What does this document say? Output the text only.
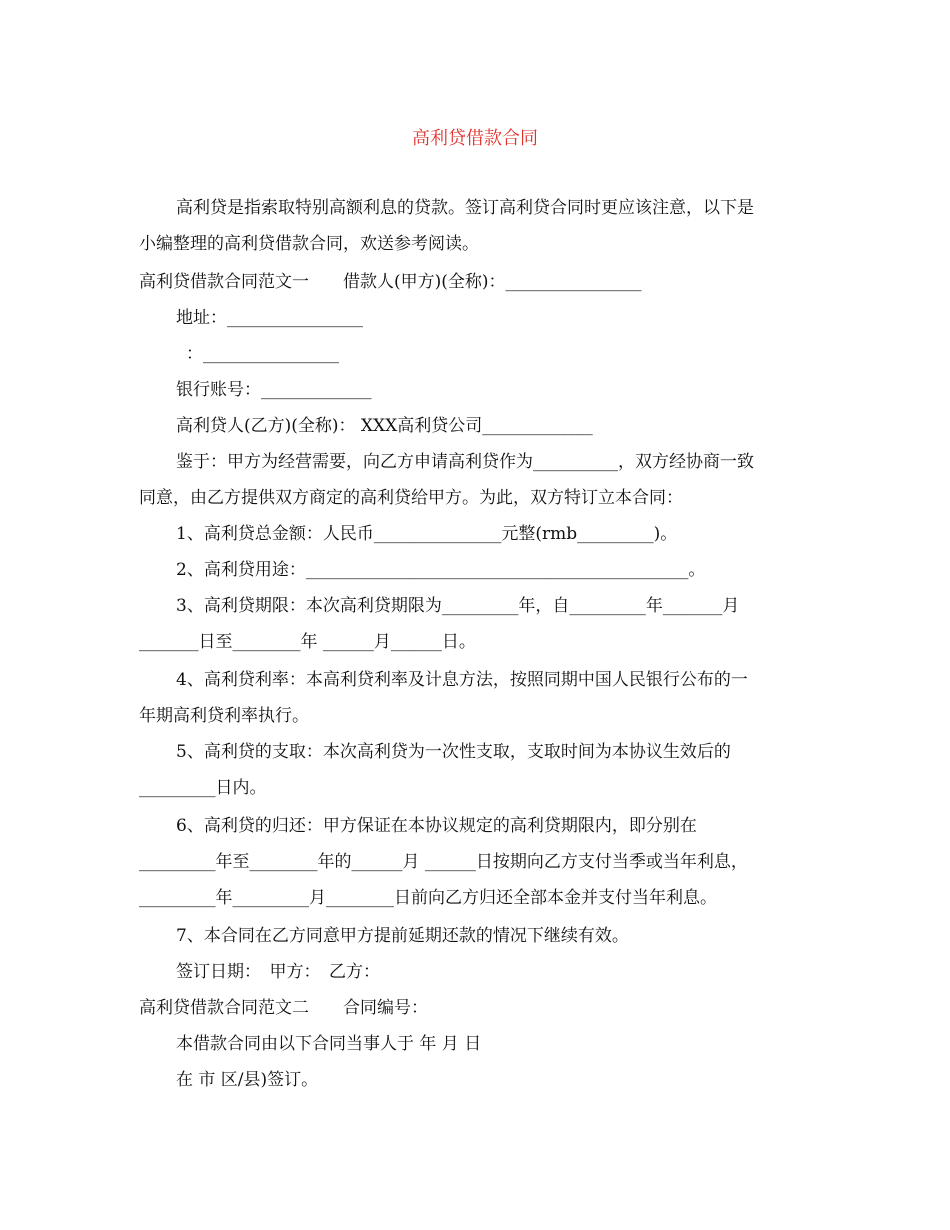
高利贷借款合同

高利贷是指索取特别高额利息的贷款。签订高利贷合同时更应该注意，以下是

小编整理的高利贷借款合同，欢送参考阅读。

高利贷借款合同范文一　　借款人(甲方)(全称)：________________

地址：________________

：________________

银行账号：_____________

高利贷人(乙方)(全称)： XXX高利贷公司_____________

鉴于：甲方为经营需要，向乙方申请高利贷作为__________，双方经协商一致

同意，由乙方提供双方商定的高利贷给甲方。为此，双方特订立本合同：

1、高利贷总金额：人民币_______________元整(rmb_________)。

2、高利贷用途：_____________________________________________。

3、高利贷期限：本次高利贷期限为_________年，自_________年_______月

_______日至________年 ______月______日。

4、高利贷利率：本高利贷利率及计息方法，按照同期中国人民银行公布的一

年期高利贷利率执行。

5、高利贷的支取：本次高利贷为一次性支取，支取时间为本协议生效后的

_________日内。

6、高利贷的归还：甲方保证在本协议规定的高利贷期限内，即分别在

_________年至________年的______月 ______日按期向乙方支付当季或当年利息，

_________年_________月________日前向乙方归还全部本金并支付当年利息。

7、本合同在乙方同意甲方提前延期还款的情况下继续有效。

签订日期：　甲方：　乙方：

高利贷借款合同范文二　　合同编号：

本借款合同由以下合同当事人于 年 月 日

在 市 区/县)签订。
